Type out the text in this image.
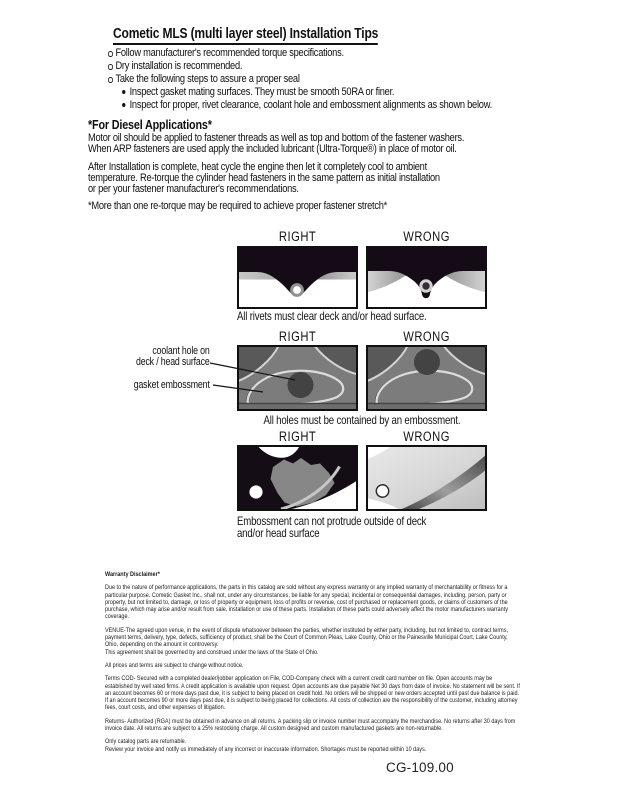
Cometic MLS (multi layer steel) Installation Tips
Follow manufacturer's recommended torque specifications.
Dry installation is recommended.
Take the following steps to assure a proper seal
Inspect gasket mating surfaces. They must be smooth 50RA or finer.
Inspect for proper, rivet clearance, coolant hole and embossment alignments as shown below.
*For Diesel Applications*
Motor oil should be applied to fastener threads as well as top and bottom of the fastener washers.
When ARP fasteners are used apply the included lubricant (Ultra-Torque®) in place of motor oil.
After Installation is complete, heat cycle the engine then let it completely cool to ambient
temperature. Re-torque the cylinder head fasteners in the same pattern as initial installation
or per your fastener manufacturer's recommendations.
*More than one re-torque may be required to achieve proper fastener stretch*
RIGHT	WRONG
All rivets must clear deck and/or head surface.
RIGHT	WRONG
coolant hole on
deck / head surface
gasket embossment
All holes must be contained by an embossment.
RIGHT	WRONG
Embossment can not protrude outside of deck
and/or head surface
Warranty Disclaimer*

Due to the nature of performance applications, the parts in this catalog are sold without any express warranty or any implied warranty of merchantability or fitness for a particular purpose. Cometic Gasket Inc., shall not, under any circumstances, be liable for any special, incidental or consequential damages, including, person, party or property, but not limited to, damage, or loss of property or equipment, loss of profits or revenue, cost of purchased or replacement goods, or claims of customers of the purchase, which may arise and/or result from sale, installation or use of these parts. Installation of these parts could adversely affect the motor manufacturers warranty coverage.

VENUE-The agreed upon venue, in the event of dispute whatsoever between the parties, whether instituted by either party, including, but not limited to, contract terms, payment terms, delivery, type, defects, sufficiency of product, shall be the Court of Common Pleas, Lake County, Ohio or the Painesville Municipal Court, Lake County, Ohio, depending on the amount in controversy.

This agreement shall be governed by and construed under the laws of the State of Ohio.

All prices and terms are subject to change without notice.

Terms COD- Secured with a completed dealer/jobber application on File, COD-Company check with a current credit card number on file. Open accounts may be established by well rated firms. A credit application is available upon request. Open accounts are due payable Net 30 days from date of invoice. No statement will be sent. If an account becomes 60 or more days past due, it is subject to being placed on credit hold. No orders will be shipped or new orders accepted until past due balance is paid. If an account becomes 90 or more days past due, it is subject to being placed for collections. All costs of collection are the responsibility of the customer, including attorney fees, court costs, and other expenses of litigation.

Returns- Authorized (RGA) must be obtained in advance on all returns. A packing slip or invoice number must accompany the merchandise. No returns after 30 days from invoice date. All returns are subject to a 25% restocking charge. All custom designed and custom manufactured gaskets are non-returnable.

Only catalog parts are returnable.

Review your invoice and notify us immediately of any incorrect or inaccurate information. Shortages must be reported within 10 days.

CG-109.00
